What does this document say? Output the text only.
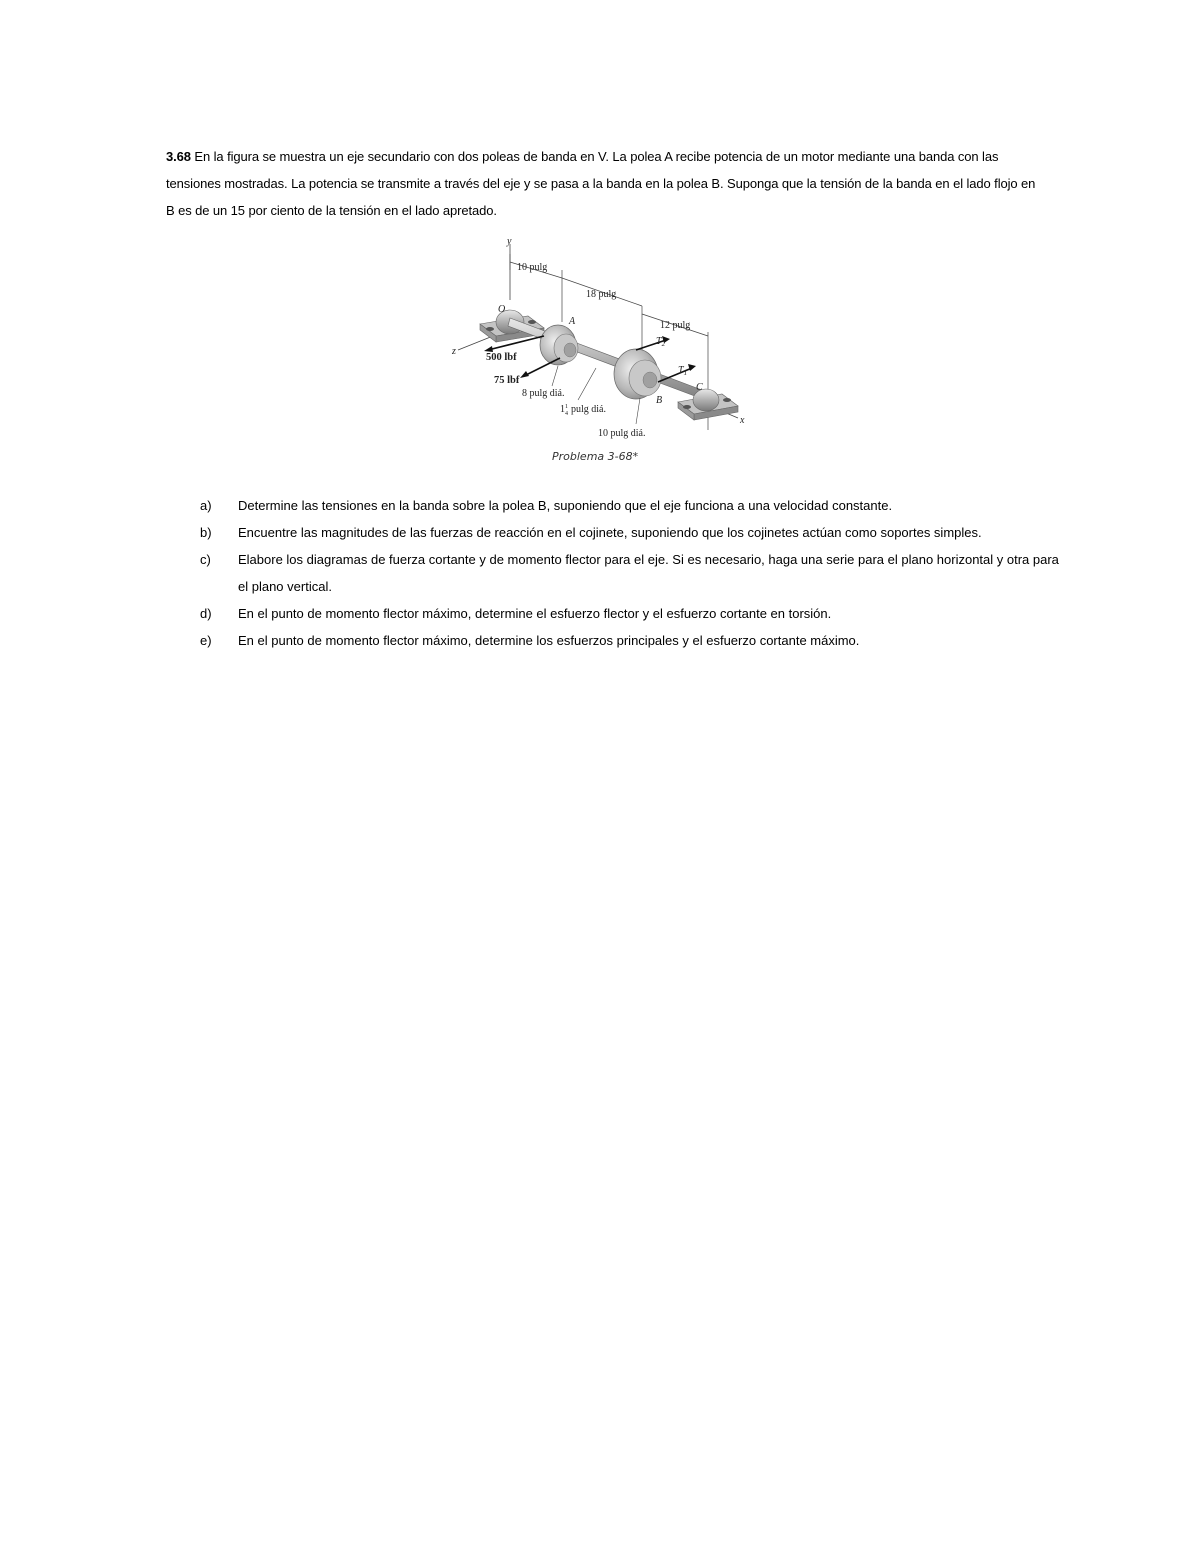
3.68 En la figura se muestra un eje secundario con dos poleas de banda en V. La polea A recibe potencia de un motor mediante una banda con las tensiones mostradas. La potencia se transmite a través del eje y se pasa a la banda en la polea B. Suponga que la tensión de la banda en el lado flojo en B es de un 15 por ciento de la tensión en el lado apretado.
y
10 pulg
18 pulg
12 pulg
z
x
O
A
B
C
500 lbf
75 lbf
$T_2$
$T_1$
8 pulg diá.
$1^1$ 4 pulg diá.
10 pulg diá.
Problema 3-68*
a) Determine las tensiones en la banda sobre la polea B, suponiendo que el eje funciona a una velocidad constante.
b) Encuentre las magnitudes de las fuerzas de reacción en el cojinete, suponiendo que los cojinetes actúan como soportes simples.
c) Elabore los diagramas de fuerza cortante y de momento flector para el eje. Si es necesario, haga una serie para el plano horizontal y otra para el plano vertical.
d) En el punto de momento flector máximo, determine el esfuerzo flector y el esfuerzo cortante en torsión.
e) En el punto de momento flector máximo, determine los esfuerzos principales y el esfuerzo cortante máximo.
